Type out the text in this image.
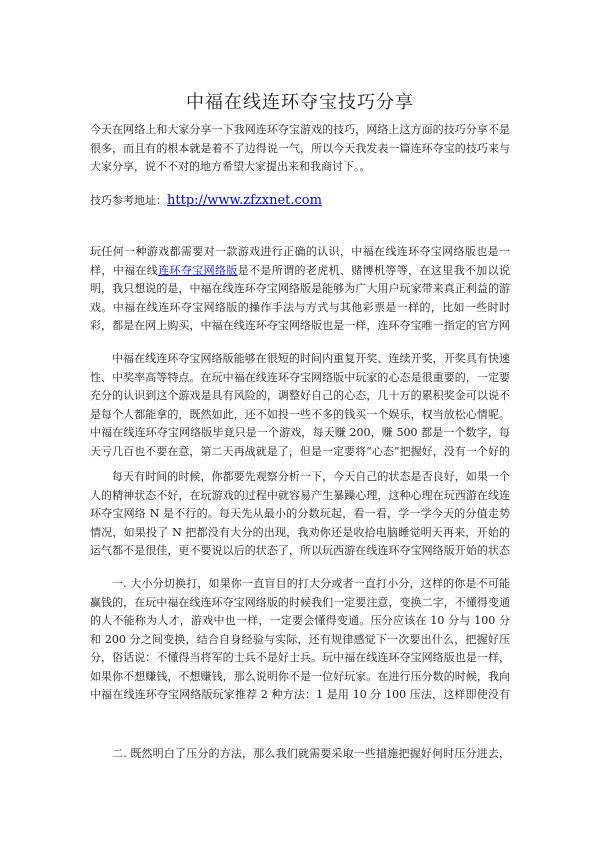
中福在线连环夺宝技巧分享

今天在网络上和大家分享一下我网连环夺宝游戏的技巧，网络上这方面的技巧分享不是很多，而且有的根本就是着不了边得说一气，所以今天我发表一篇连环夺宝的技巧来与大家分享，说不不对的地方希望大家提出来和我商讨下。。

技巧参考地址：http://www.zfzxnet.com

玩任何一种游戏都需要对一款游戏进行正确的认识，中福在线连环夺宝网络版也是一样，中福在线连环夺宝网络版是不是所谓的老虎机、赌博机等等，在这里我不加以说明，我只想说的是，中福在线连环夺宝网络版是能够为广大用户玩家带来真正利益的游戏。中福在线连环夺宝网络版的操作手法与方式与其他彩票是一样的，比如一些时时彩，都是在网上购买，中福在线连环夺宝网络版也是一样，连环夺宝唯一指定的官方网

中福在线连环夺宝网络版能够在很短的时间内重复开奖、连续开奖，开奖具有快速性、中奖率高等特点。在玩中福在线连环夺宝网络版中玩家的心态是很重要的，一定要充分的认识到这个游戏是具有风险的，调整好自己的心态，几十万的累积奖金可以说不是每个人都能拿的，既然如此，还不如投一些不多的钱买一个娱乐，权当放松心情呢。中福在线连环夺宝网络版毕竟只是一个游戏，每天赚 200，赚 500 都是一个数字，每天亏几百也不要在意，第二天再战就是了，但是一定要将“心态”把握好，没有一个好的

每天有时间的时候，你都要先观察分析一下，今天自己的状态是否良好，如果一个人的精神状态不好，在玩游戏的过程中就容易产生暴躁心理，这种心理在玩西游在线连环夺宝网络 N 是不行的。每天先从最小的分数玩起，看一看，学一学今天的分值走势情况，如果投了 N 把都没有大分的出现，我劝你还是收拾电脑睡觉明天再来，开始的运气都不是很佳，更不要说以后的状态了，所以玩西游在线连环夺宝网络版开始的状态

一. 大小分切换打，如果你一直盲目的打大分或者一直打小分，这样的你是不可能赢钱的，在玩中福在线连环夺宝网络版的时候我们一定要注意，变换二字，不懂得变通的人不能称为人才，游戏中也一样，一定要会懂得变通。压分应该在 10 分与 100 分和 200 分之间变换，结合自身经验与实际，还有规律感觉下一次要出什么，把握好压分，俗话说：不懂得当将军的士兵不是好士兵。玩中福在线连环夺宝网络版也是一样，如果你不想赚钱，不想赚钱，那么说明你不是一位好玩家。在进行压分数的时候，我向中福在线连环夺宝网络版玩家推荐 2 种方法：1 是用 10 分 100 压法，这样即使没有

二. 既然明白了压分的方法，那么我们就需要采取一些措施把握好何时压分进去，
